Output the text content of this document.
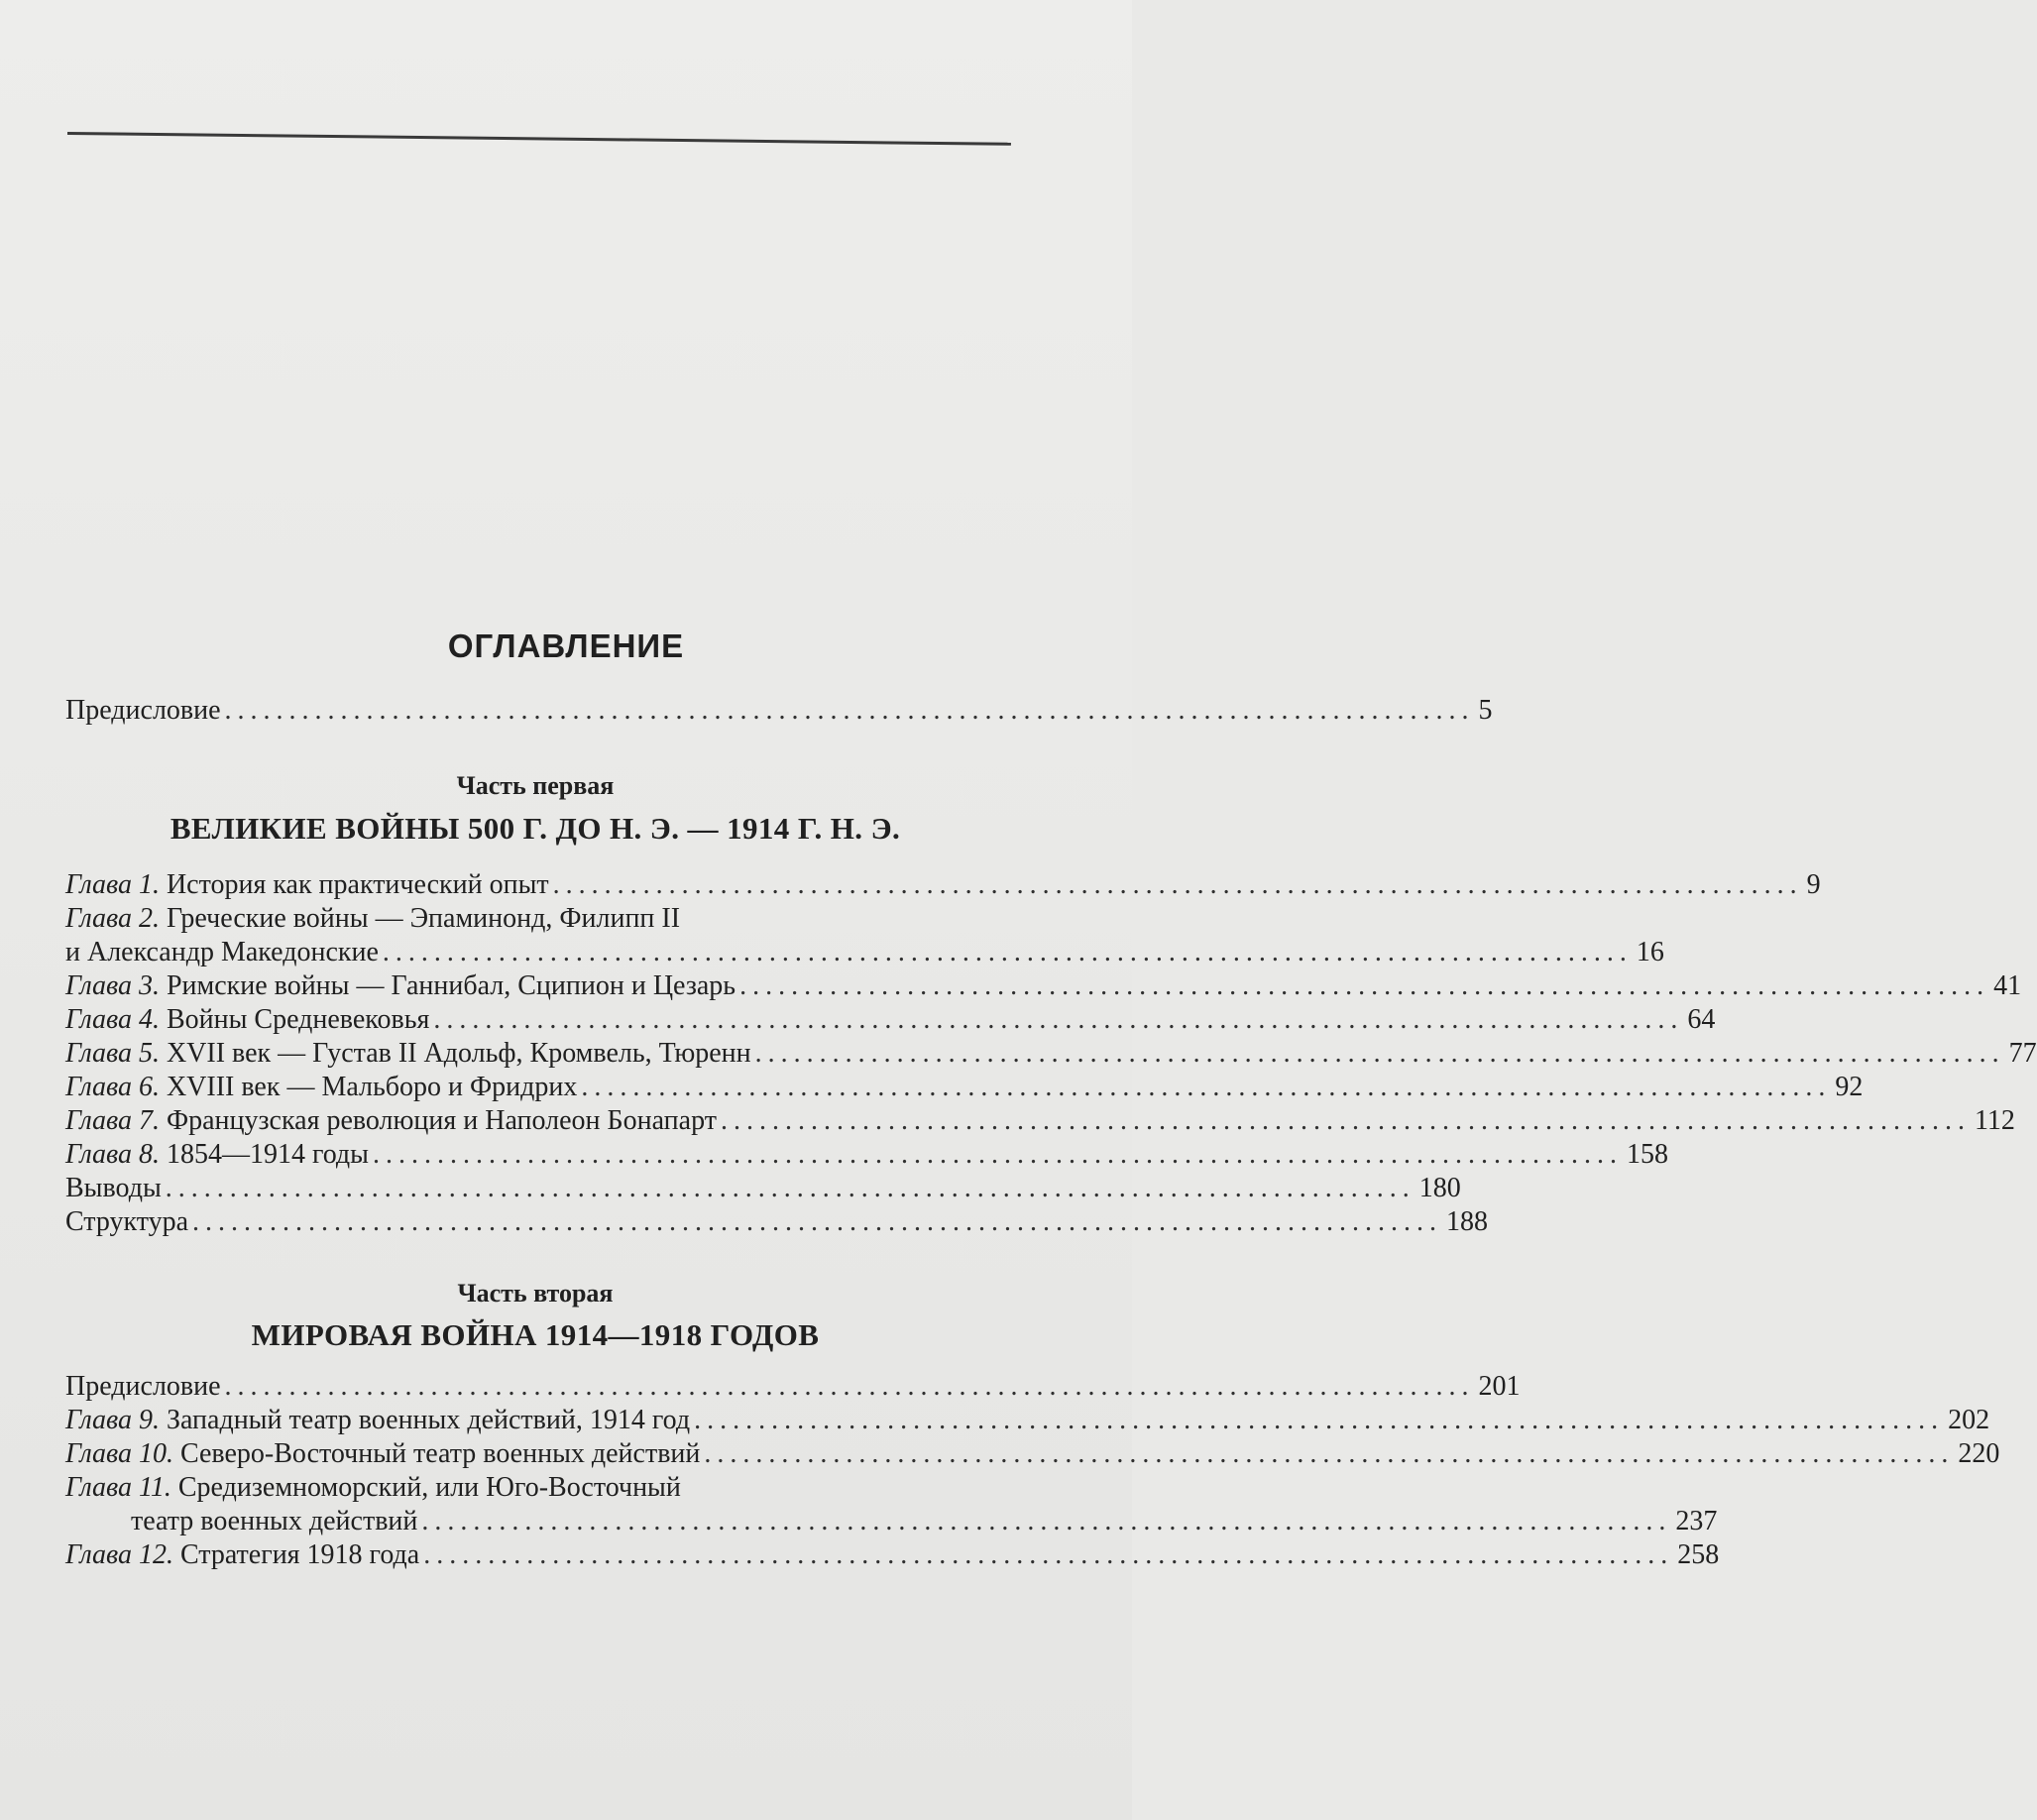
ОГЛАВЛЕНИЕ
Предисловие ................................................................................................. 5
Часть первая
ВЕЛИКИЕ ВОЙНЫ 500 Г. ДО Н. Э. — 1914 Г. Н. Э.
Глава 1. История как практический опыт ................................................................................................. 9
Глава 2. Греческие войны — Эпаминонд, Филипп II
и Александр Македонские ................................................................................................. 16
Глава 3. Римские войны — Ганнибал, Сципион и Цезарь ................................................................................................. 41
Глава 4. Войны Средневековья ................................................................................................. 64
Глава 5. XVII век — Густав II Адольф, Кромвель, Тюренн ................................................................................................. 77
Глава 6. XVIII век — Мальборо и Фридрих ................................................................................................. 92
Глава 7. Французская революция и Наполеон Бонапарт ................................................................................................. 112
Глава 8. 1854—1914 годы ................................................................................................. 158
Выводы ................................................................................................. 180
Структура ................................................................................................. 188
Часть вторая
МИРОВАЯ ВОЙНА 1914—1918 ГОДОВ
Предисловие ................................................................................................. 201
Глава 9. Западный театр военных действий, 1914 год ................................................................................................. 202
Глава 10. Северо-Восточный театр военных действий ................................................................................................. 220
Глава 11. Средиземноморский, или Юго-Восточный
театр военных действий ................................................................................................. 237
Глава 12. Стратегия 1918 года ................................................................................................. 258
